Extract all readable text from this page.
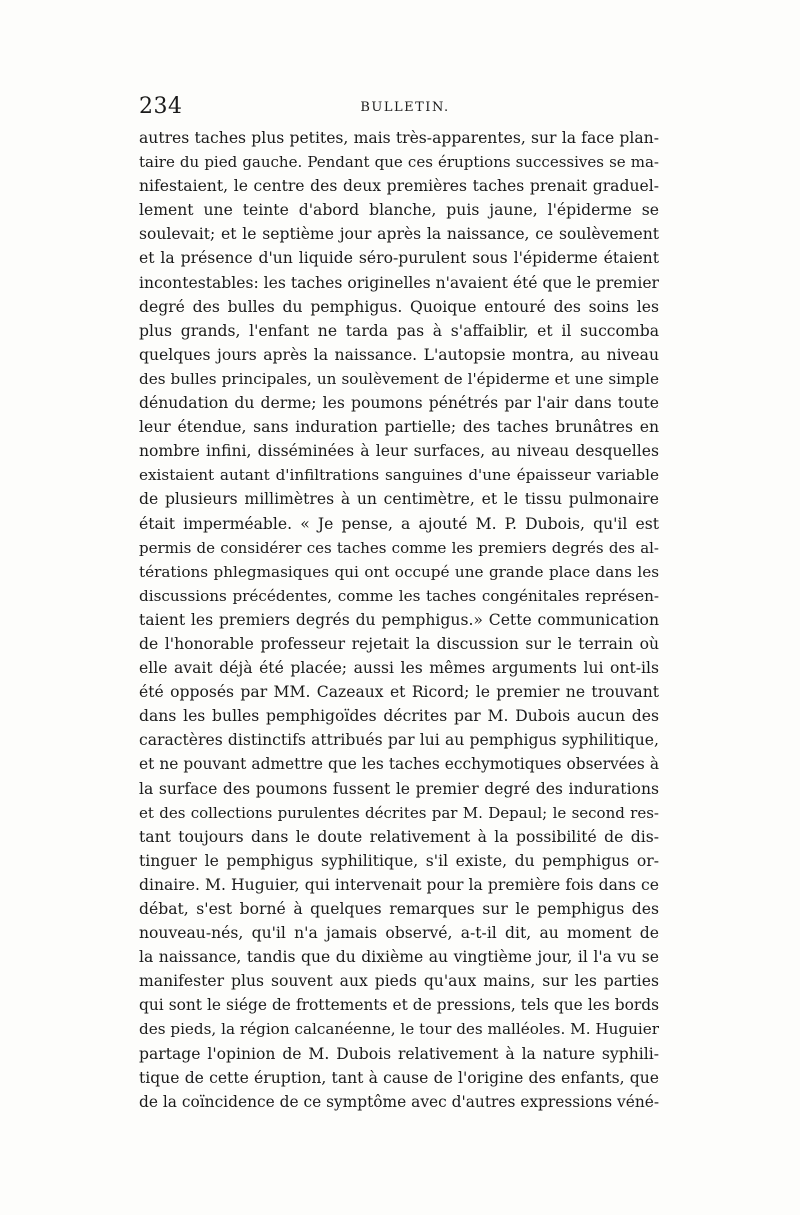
234	BULLETIN.
autres taches plus petites, mais très-apparentes, sur la face plan-
taire du pied gauche. Pendant que ces éruptions successives se ma-
nifestaient, le centre des deux premières taches prenait graduel-
lement une teinte d'abord blanche, puis jaune, l'épiderme se
soulevait; et le septième jour après la naissance, ce soulèvement
et la présence d'un liquide séro-purulent sous l'épiderme étaient
incontestables: les taches originelles n'avaient été que le premier
degré des bulles du pemphigus. Quoique entouré des soins les
plus grands, l'enfant ne tarda pas à s'affaiblir, et il succomba
quelques jours après la naissance. L'autopsie montra, au niveau
des bulles principales, un soulèvement de l'épiderme et une simple
dénudation du derme; les poumons pénétrés par l'air dans toute
leur étendue, sans induration partielle; des taches brunâtres en
nombre infini, disséminées à leur surfaces, au niveau desquelles
existaient autant d'infiltrations sanguines d'une épaisseur variable
de plusieurs millimètres à un centimètre, et le tissu pulmonaire
était imperméable. « Je pense, a ajouté M. P. Dubois, qu'il est
permis de considérer ces taches comme les premiers degrés des al-
térations phlegmasiques qui ont occupé une grande place dans les
discussions précédentes, comme les taches congénitales représen-
taient les premiers degrés du pemphigus.» Cette communication
de l'honorable professeur rejetait la discussion sur le terrain où
elle avait déjà été placée; aussi les mêmes arguments lui ont-ils
été opposés par MM. Cazeaux et Ricord; le premier ne trouvant
dans les bulles pemphigoïdes décrites par M. Dubois aucun des
caractères distinctifs attribués par lui au pemphigus syphilitique,
et ne pouvant admettre que les taches ecchymotiques observées à
la surface des poumons fussent le premier degré des indurations
et des collections purulentes décrites par M. Depaul; le second res-
tant toujours dans le doute relativement à la possibilité de dis-
tinguer le pemphigus syphilitique, s'il existe, du pemphigus or-
dinaire. M. Huguier, qui intervenait pour la première fois dans ce
débat, s'est borné à quelques remarques sur le pemphigus des
nouveau-nés, qu'il n'a jamais observé, a-t-il dit, au moment de
la naissance, tandis que du dixième au vingtième jour, il l'a vu se
manifester plus souvent aux pieds qu'aux mains, sur les parties
qui sont le siége de frottements et de pressions, tels que les bords
des pieds, la région calcanéenne, le tour des malléoles. M. Huguier
partage l'opinion de M. Dubois relativement à la nature syphili-
tique de cette éruption, tant à cause de l'origine des enfants, que
de la coïncidence de ce symptôme avec d'autres expressions véné-
